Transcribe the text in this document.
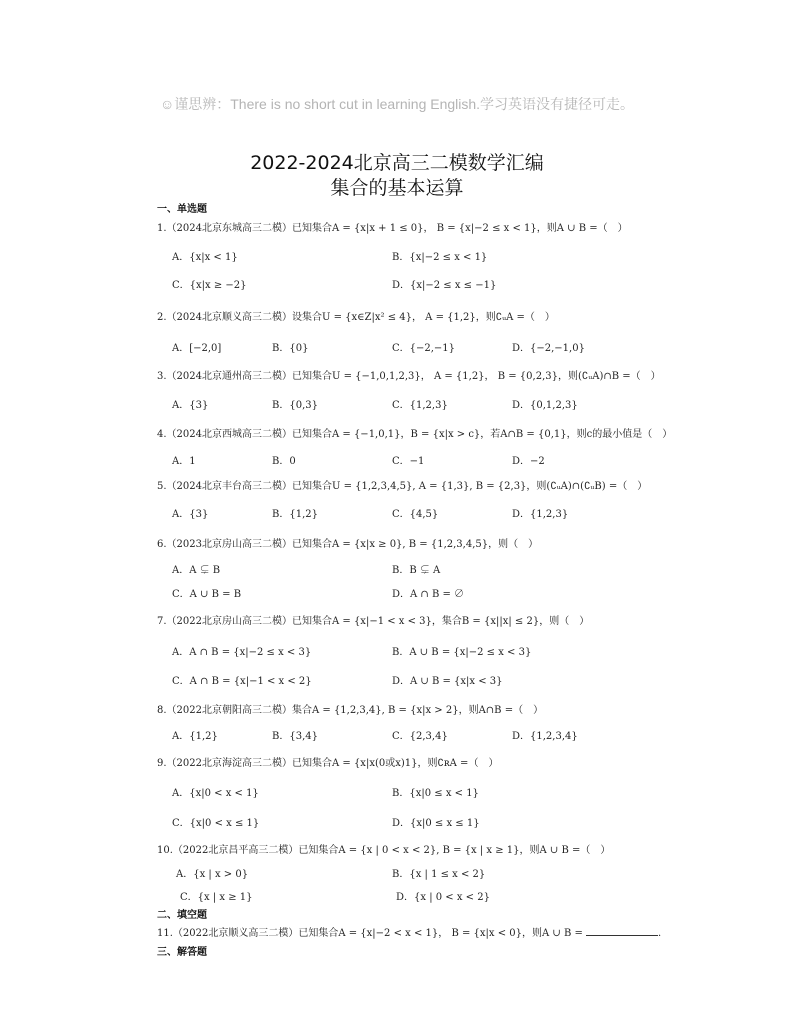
☺谨思辨：There is no short cut in learning English.学习英语没有捷径可走。
2022-2024北京高三二模数学汇编
集合的基本运算
一、单选题
1.（2024北京东城高三二模）已知集合A = {x|x + 1 ≤ 0}， B = {x|−2 ≤ x < 1}，则A ∪ B =（　）
A．{x|x < 1}	B．{x|−2 ≤ x < 1}
C．{x|x ≥ −2}	D．{x|−2 ≤ x ≤ −1}
2.（2024北京顺义高三二模）设集合U = {x∈Z|x² ≤ 4}， A = {1,2}，则∁ᵤA =（　）
A．[−2,0]	B．{0}	C．{−2,−1}	D．{−2,−1,0}
3.（2024北京通州高三二模）已知集合U = {−1,0,1,2,3}， A = {1,2}， B = {0,2,3}，则(∁ᵤA)∩B =（　）
A．{3}	B．{0,3}	C．{1,2,3}	D．{0,1,2,3}
4.（2024北京西城高三二模）已知集合A = {−1,0,1}，B = {x|x > c}，若A∩B = {0,1}，则c的最小值是（　）
A．1	B．0	C．−1	D．−2
5.（2024北京丰台高三二模）已知集合U = {1,2,3,4,5}, A = {1,3}, B = {2,3}，则(∁ᵤA)∩(∁ᵤB) =（　）
A．{3}	B．{1,2}	C．{4,5}	D．{1,2,3}
6.（2023北京房山高三二模）已知集合A = {x|x ≥ 0}, B = {1,2,3,4,5}，则（　）
A．A ⊊ B	B．B ⊊ A
C．A ∪ B = B	D．A ∩ B = ∅
7.（2022北京房山高三二模）已知集合A = {x|−1 < x < 3}，集合B = {x||x| ≤ 2}，则（　）
A．A ∩ B = {x|−2 ≤ x < 3}	B．A ∪ B = {x|−2 ≤ x < 3}
C．A ∩ B = {x|−1 < x < 2}	D．A ∪ B = {x|x < 3}
8.（2022北京朝阳高三二模）集合A = {1,2,3,4}, B = {x|x > 2}，则A∩B =（　）
A．{1,2}	B．{3,4}	C．{2,3,4}	D．{1,2,3,4}
9.（2022北京海淀高三二模）已知集合A = {x|x(0或x)1}，则∁ʀA =（　）
A．{x|0 < x < 1}	B．{x|0 ≤ x < 1}
C．{x|0 < x ≤ 1}	D．{x|0 ≤ x ≤ 1}
10.（2022北京昌平高三二模）已知集合A = {x | 0 < x < 2}, B = {x | x ≥ 1}，则A ∪ B =（　）
A．{x | x > 0}	B．{x | 1 ≤ x < 2}
C．{x | x ≥ 1}	D．{x | 0 < x < 2}
二、填空题
11.（2022北京顺义高三二模）已知集合A = {x|−2 < x < 1}， B = {x|x < 0}，则A ∪ B =	.
三、解答题
